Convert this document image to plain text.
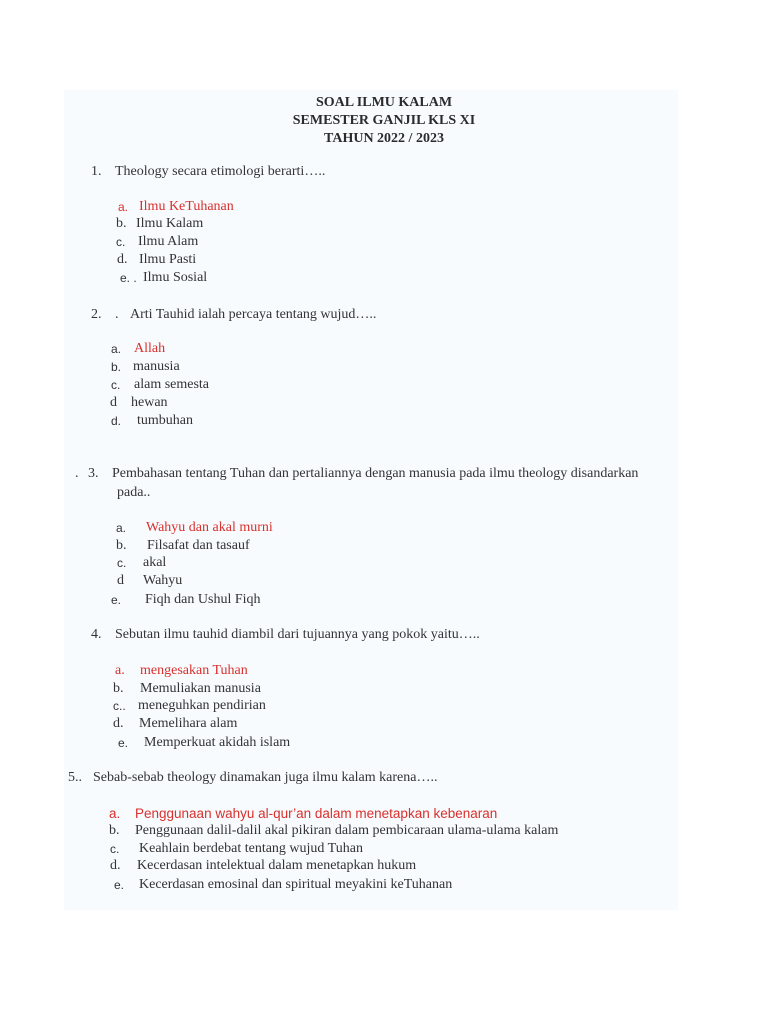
SOAL ILMU KALAM
SEMESTER GANJIL KLS XI
TAHUN 2022 / 2023
1. Theology secara etimologi berarti…..
a. Ilmu KeTuhanan
b. Ilmu Kalam
c. Ilmu Alam
d. Ilmu Pasti
e. . Ilmu Sosial
2. . Arti Tauhid ialah percaya tentang wujud…..
a. Allah
b. manusia
c. alam semesta
d hewan
d. tumbuhan
. 3. Pembahasan tentang Tuhan dan pertaliannya dengan manusia pada ilmu theology disandarkan
pada..
a. Wahyu dan akal murni
b. Filsafat dan tasauf
c. akal
d Wahyu
e. Fiqh dan Ushul Fiqh
4. Sebutan ilmu tauhid diambil dari tujuannya yang pokok yaitu…..
a. mengesakan Tuhan
b. Memuliakan manusia
c.. meneguhkan pendirian
d. Memelihara alam
e. Memperkuat akidah islam
5.. Sebab-sebab theology dinamakan juga ilmu kalam karena…..
a. Penggunaan wahyu al-qur’an dalam menetapkan kebenaran
b. Penggunaan dalil-dalil akal pikiran dalam pembicaraan ulama-ulama kalam
c. Keahlain berdebat tentang wujud Tuhan
d. Kecerdasan intelektual dalam menetapkan hukum
e. Kecerdasan emosinal dan spiritual meyakini keTuhanan
